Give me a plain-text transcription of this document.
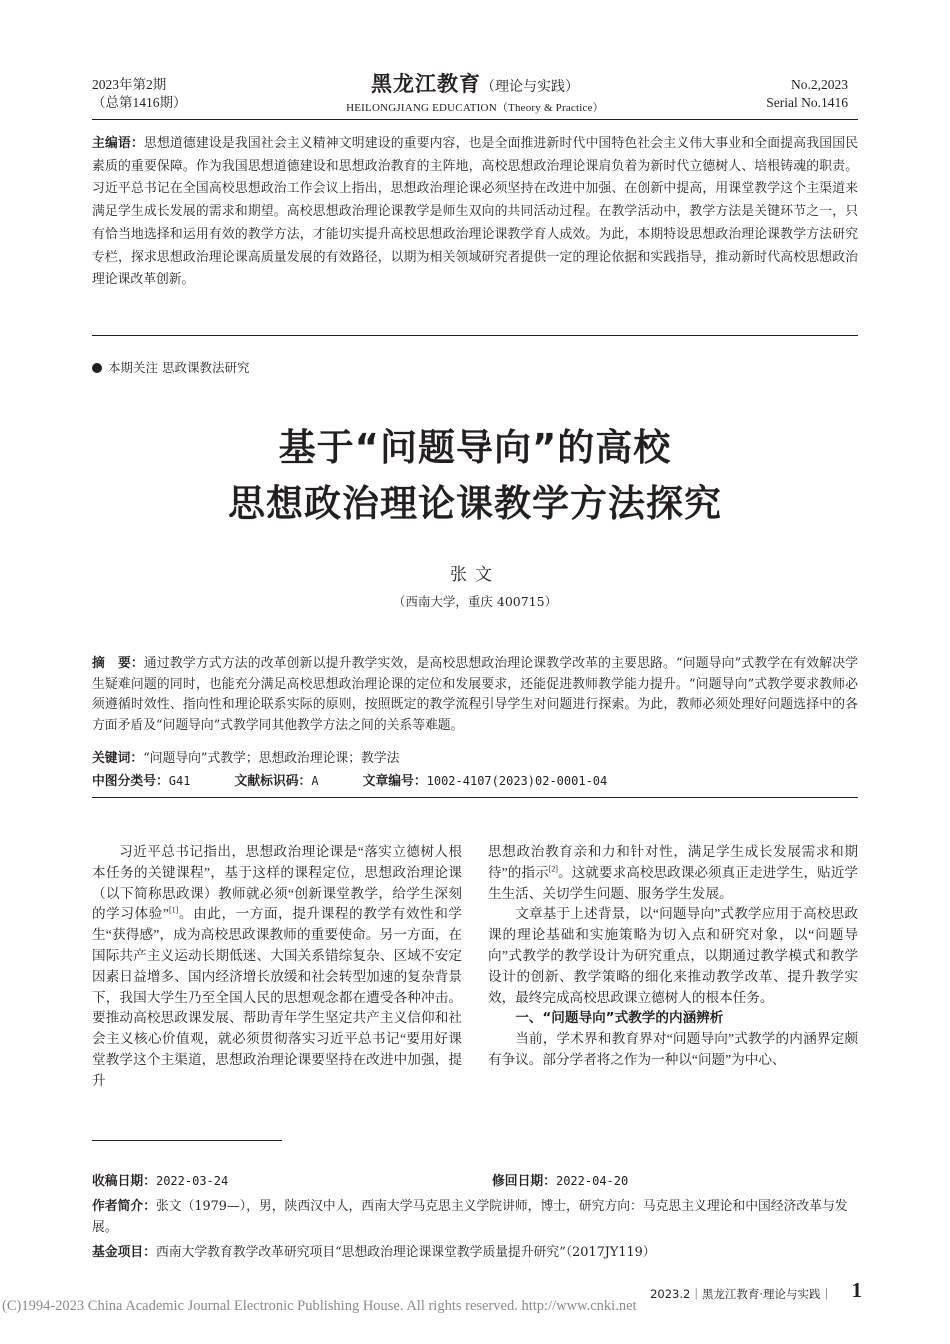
2023年第2期
（总第1416期）
黑龙江教育（理论与实践）
HEILONGJIANG EDUCATION（Theory & Practice）
No.2,2023
Serial No.1416
主编语：思想道德建设是我国社会主义精神文明建设的重要内容，也是全面推进新时代中国特色社会主义伟大事业和全面提高我国国民素质的重要保障。作为我国思想道德建设和思想政治教育的主阵地，高校思想政治理论课肩负着为新时代立德树人、培根铸魂的职责。习近平总书记在全国高校思想政治工作会议上指出，思想政治理论课必须坚持在改进中加强、在创新中提高，用课堂教学这个主渠道来满足学生成长发展的需求和期望。高校思想政治理论课教学是师生双向的共同活动过程。在教学活动中，教学方法是关键环节之一，只有恰当地选择和运用有效的教学方法，才能切实提升高校思想政治理论课教学育人成效。为此，本期特设思想政治理论课教学方法研究专栏，探求思想政治理论课高质量发展的有效路径，以期为相关领域研究者提供一定的理论依据和实践指导，推动新时代高校思想政治理论课改革创新。
本期关注 思政课教法研究
基于“问题导向”的高校
思想政治理论课教学方法探究
张文
（西南大学，重庆 400715）
摘　要：通过教学方式方法的改革创新以提升教学实效，是高校思想政治理论课教学改革的主要思路。“问题导向”式教学在有效解决学生疑难问题的同时，也能充分满足高校思想政治理论课的定位和发展要求，还能促进教师教学能力提升。“问题导向”式教学要求教师必须遵循时效性、指向性和理论联系实际的原则，按照既定的教学流程引导学生对问题进行探索。为此，教师必须处理好问题选择中的各方面矛盾及“问题导向”式教学同其他教学方法之间的关系等难题。
关键词：“问题导向”式教学；思想政治理论课；教学法
中图分类号：G41	文献标识码：A	文章编号：1002-4107(2023)02-0001-04

习近平总书记指出，思想政治理论课是“落实立德树人根本任务的关键课程”，基于这样的课程定位，思想政治理论课（以下简称思政课）教师就必须“创新课堂教学，给学生深刻的学习体验”[1]。由此，一方面，提升课程的教学有效性和学生“获得感”，成为高校思政课教师的重要使命。另一方面，在国际共产主义运动长期低迷、大国关系错综复杂、区域不安定因素日益增多、国内经济增长放缓和社会转型加速的复杂背景下，我国大学生乃至全国人民的思想观念都在遭受各种冲击。要推动高校思政课发展、帮助青年学生坚定共产主义信仰和社会主义核心价值观，就必须贯彻落实习近平总书记“要用好课堂教学这个主渠道，思想政治理论课要坚持在改进中加强，提升

思想政治教育亲和力和针对性，满足学生成长发展需求和期待”的指示[2]。这就要求高校思政课必须真正走进学生，贴近学生生活、关切学生问题、服务学生发展。

文章基于上述背景，以“问题导向”式教学应用于高校思政课的理论基础和实施策略为切入点和研究对象，以“问题导向”式教学的教学设计为研究重点，以期通过教学模式和教学设计的创新、教学策略的细化来推动教学改革、提升教学实效，最终完成高校思政课立德树人的根本任务。

一、“问题导向”式教学的内涵辨析

当前，学术界和教育界对“问题导向”式教学的内涵界定颇有争议。部分学者将之作为一种以“问题”为中心、

收稿日期：2022-03-24	修回日期：2022-04-20
作者简介：张文（1979—），男，陕西汉中人，西南大学马克思主义学院讲师，博士，研究方向：马克思主义理论和中国经济改革与发展。
基金项目：西南大学教育教学改革研究项目“思想政治理论课课堂教学质量提升研究”（2017JY119）
2023.2｜黑龙江教育·理论与实践｜ 1
(C)1994-2023 China Academic Journal Electronic Publishing House. All rights reserved. http://www.cnki.net
